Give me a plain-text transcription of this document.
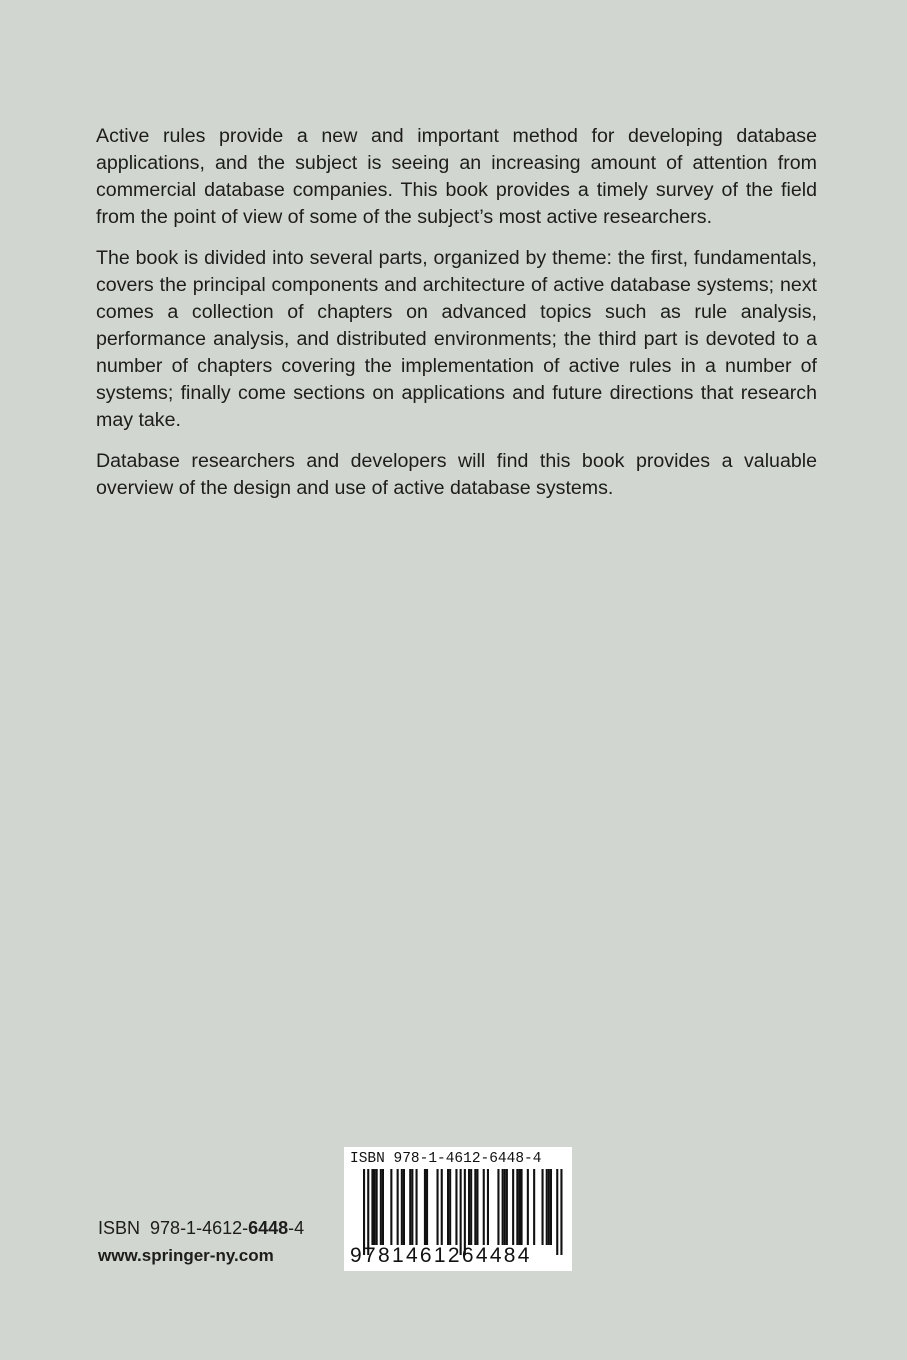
Active rules provide a new and important method for developing database applications, and the subject is seeing an increasing amount of attention from commercial database companies. This book provides a timely survey of the field from the point of view of some of the subject’s most active researchers.

The book is divided into several parts, organized by theme: the first, fundamentals, covers the principal components and architecture of active database systems; next comes a collection of chapters on advanced topics such as rule analysis, performance analysis, and distributed environments; the third part is devoted to a number of chapters covering the implementation of active rules in a number of systems; finally come sections on applications and future directions that research may take.

Database researchers and developers will find this book provides a valuable overview of the design and use of active database systems.

ISBN 978-1-4612-6448-4
www.springer-ny.com
ISBN 978-1-4612-6448-4
9 781461264484
